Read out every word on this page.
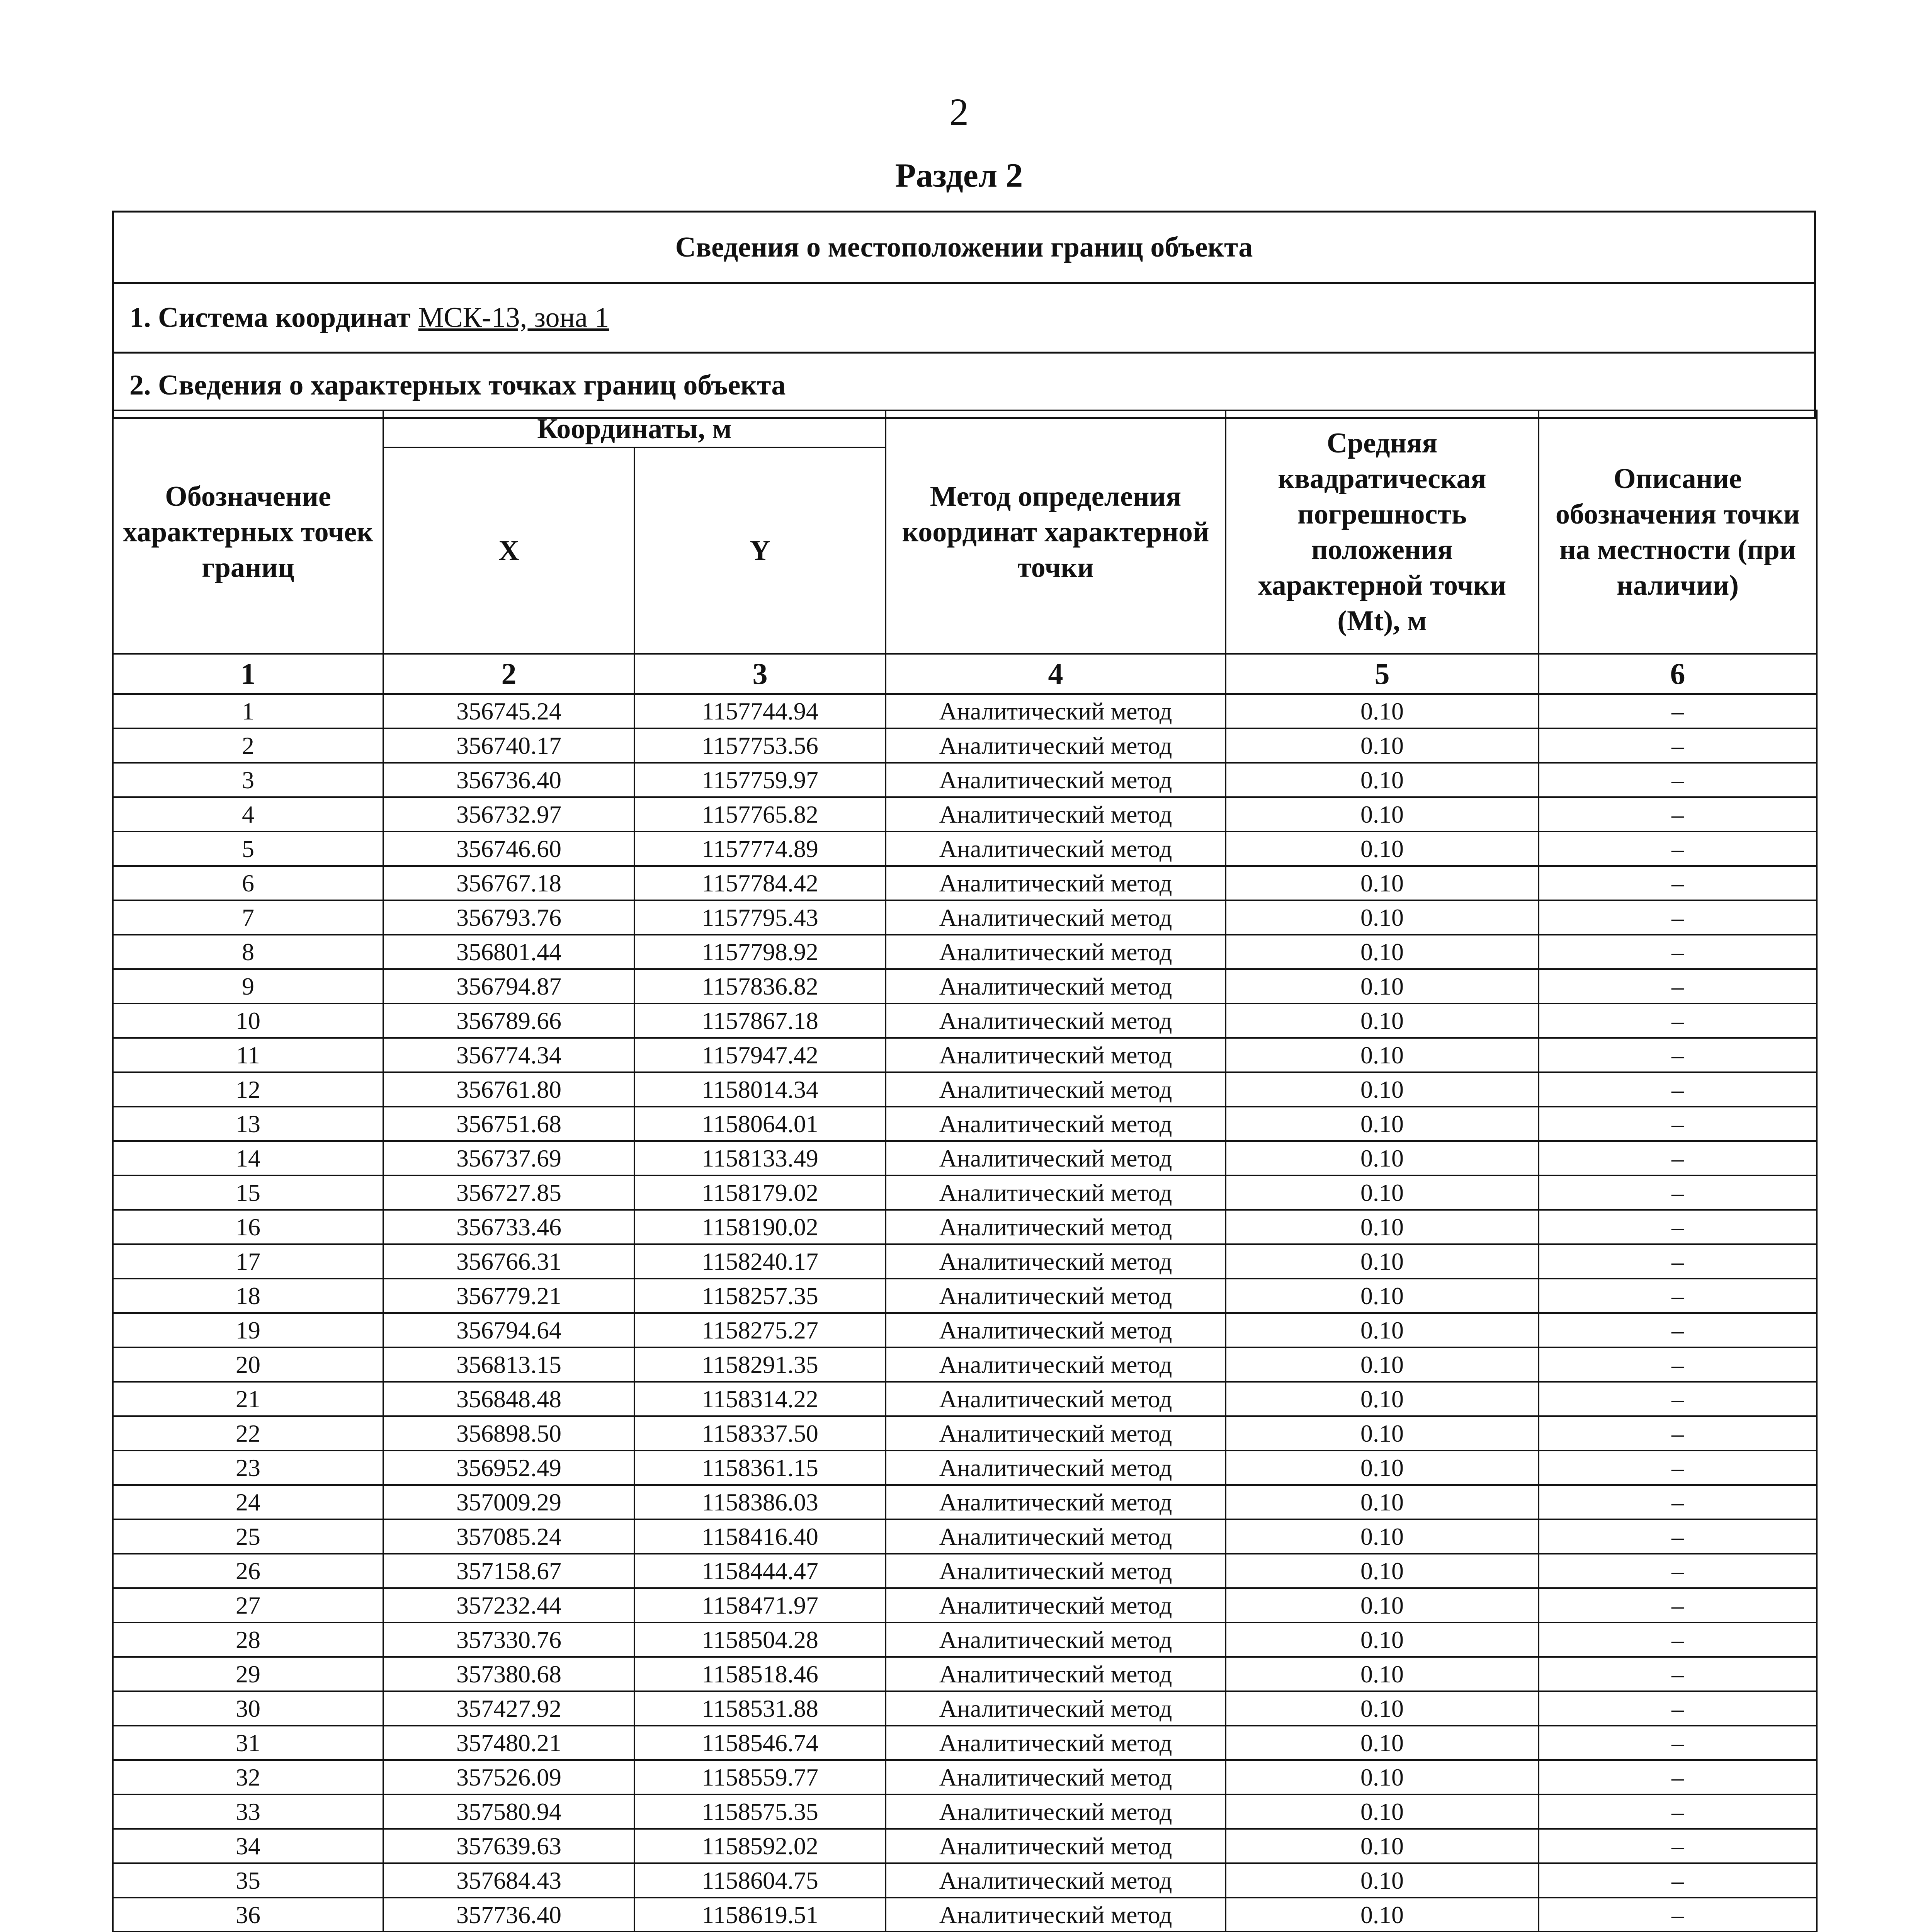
2
Раздел 2
Сведения о местоположении границ объекта
1. Система координат МСК-13, зона 1
2. Сведения о характерных точках границ объекта
Обозначение характерных точек границ	Координаты, м		Метод определения координат характерной точки	Средняя квадратическая погрешность положения характерной точки (Mt), м	Описание обозначения точки на местности (при наличии)
	X	Y			
1	2	3	4	5	6
1	356745.24	1157744.94	Аналитический метод	0.10	–
2	356740.17	1157753.56	Аналитический метод	0.10	–
3	356736.40	1157759.97	Аналитический метод	0.10	–
4	356732.97	1157765.82	Аналитический метод	0.10	–
5	356746.60	1157774.89	Аналитический метод	0.10	–
6	356767.18	1157784.42	Аналитический метод	0.10	–
7	356793.76	1157795.43	Аналитический метод	0.10	–
8	356801.44	1157798.92	Аналитический метод	0.10	–
9	356794.87	1157836.82	Аналитический метод	0.10	–
10	356789.66	1157867.18	Аналитический метод	0.10	–
11	356774.34	1157947.42	Аналитический метод	0.10	–
12	356761.80	1158014.34	Аналитический метод	0.10	–
13	356751.68	1158064.01	Аналитический метод	0.10	–
14	356737.69	1158133.49	Аналитический метод	0.10	–
15	356727.85	1158179.02	Аналитический метод	0.10	–
16	356733.46	1158190.02	Аналитический метод	0.10	–
17	356766.31	1158240.17	Аналитический метод	0.10	–
18	356779.21	1158257.35	Аналитический метод	0.10	–
19	356794.64	1158275.27	Аналитический метод	0.10	–
20	356813.15	1158291.35	Аналитический метод	0.10	–
21	356848.48	1158314.22	Аналитический метод	0.10	–
22	356898.50	1158337.50	Аналитический метод	0.10	–
23	356952.49	1158361.15	Аналитический метод	0.10	–
24	357009.29	1158386.03	Аналитический метод	0.10	–
25	357085.24	1158416.40	Аналитический метод	0.10	–
26	357158.67	1158444.47	Аналитический метод	0.10	–
27	357232.44	1158471.97	Аналитический метод	0.10	–
28	357330.76	1158504.28	Аналитический метод	0.10	–
29	357380.68	1158518.46	Аналитический метод	0.10	–
30	357427.92	1158531.88	Аналитический метод	0.10	–
31	357480.21	1158546.74	Аналитический метод	0.10	–
32	357526.09	1158559.77	Аналитический метод	0.10	–
33	357580.94	1158575.35	Аналитический метод	0.10	–
34	357639.63	1158592.02	Аналитический метод	0.10	–
35	357684.43	1158604.75	Аналитический метод	0.10	–
36	357736.40	1158619.51	Аналитический метод	0.10	–
